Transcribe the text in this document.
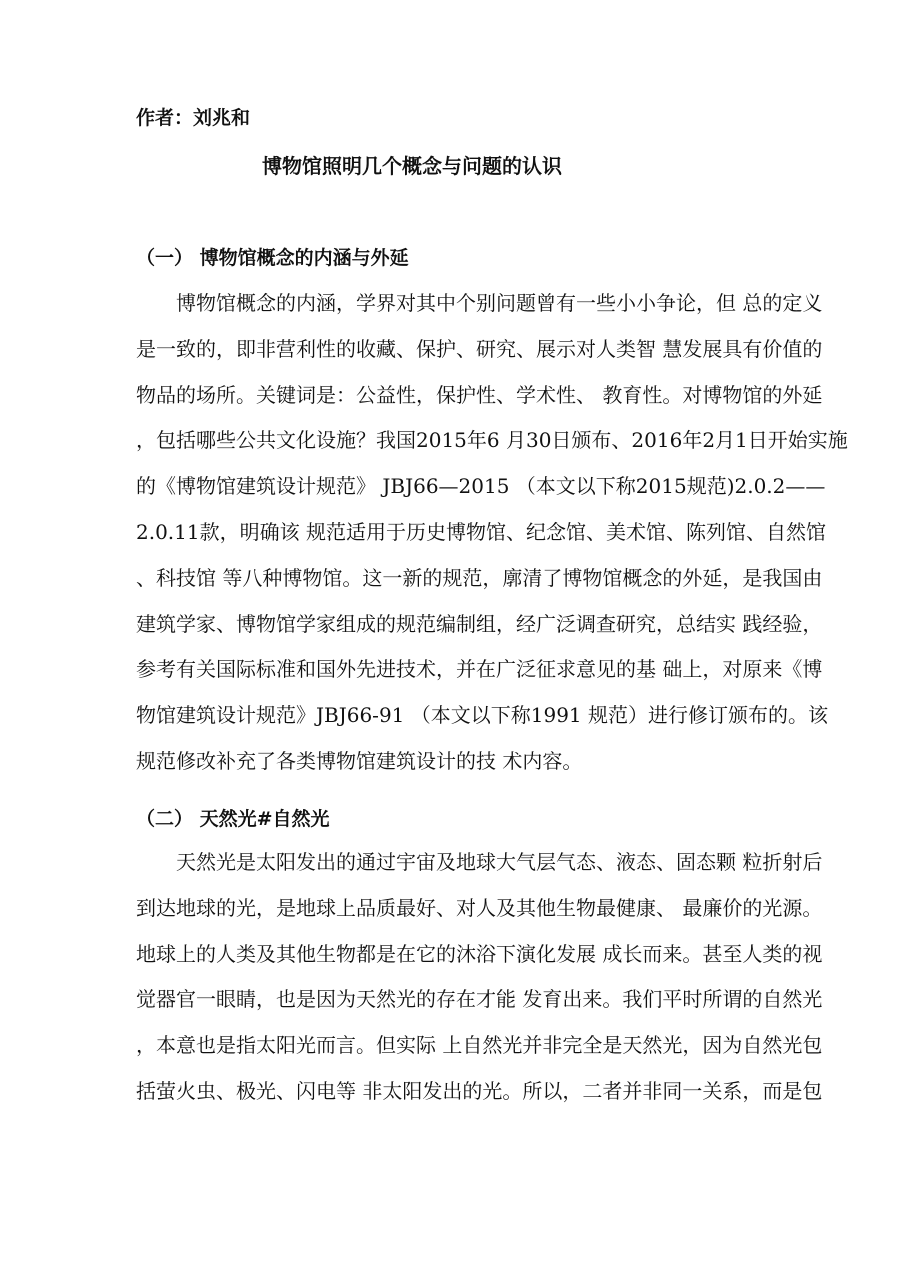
作者：刘兆和
博物馆照明几个概念与问题的认识
（一） 博物馆概念的内涵与外延
博物馆概念的内涵，学界对其中个别问题曾有一些小小争论，但 总的定义
是一致的，即非营利性的收藏、保护、研究、展示对人类智 慧发展具有价值的
物品的场所。关键词是：公益性，保护性、学术性、 教育性。对博物馆的外延
，包括哪些公共文化设施？我国2015年6 月30日颁布、2016年2月1日开始实施
的《博物馆建筑设计规范》 JBJ66—2015 （本文以下称2015规范)2.0.2——
2.0.11款，明确该 规范适用于历史博物馆、纪念馆、美术馆、陈列馆、自然馆
、科技馆 等八种博物馆。这一新的规范，廓清了博物馆概念的外延，是我国由
建筑学家、博物馆学家组成的规范编制组，经广泛调查研究，总结实 践经验，
参考有关国际标准和国外先进技术，并在广泛征求意见的基 础上，对原来《博
物馆建筑设计规范》JBJ66-91 （本文以下称1991 规范）进行修订颁布的。该
规范修改补充了各类博物馆建筑设计的技 术内容。
（二） 天然光#自然光
天然光是太阳发出的通过宇宙及地球大气层气态、液态、固态颗 粒折射后
到达地球的光，是地球上品质最好、对人及其他生物最健康、 最廉价的光源。
地球上的人类及其他生物都是在它的沐浴下演化发展 成长而来。甚至人类的视
觉器官一眼睛，也是因为天然光的存在才能 发育出来。我们平时所谓的自然光
，本意也是指太阳光而言。但实际 上自然光并非完全是天然光，因为自然光包
括萤火虫、极光、闪电等 非太阳发出的光。所以，二者并非同一关系，而是包
